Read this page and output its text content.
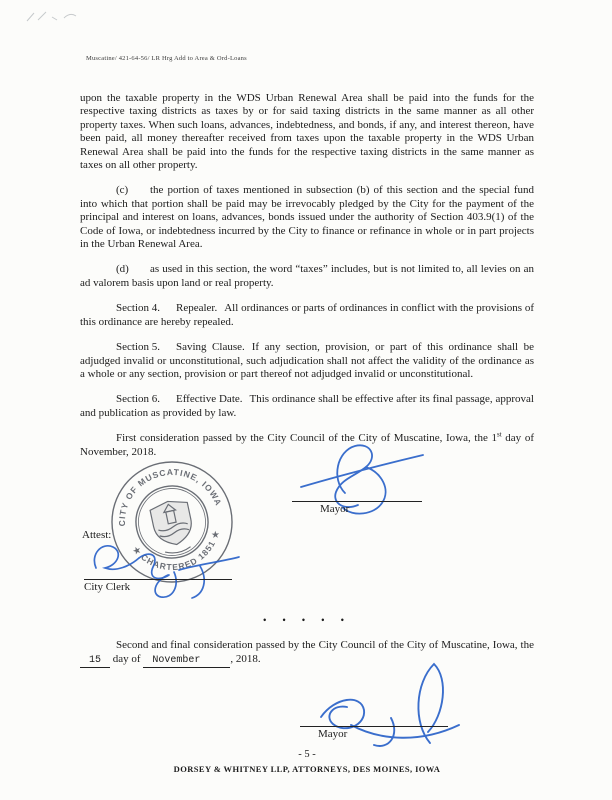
Muscatine/ 421-64-56/ LR Hrg Add to Area & Ord-Loans

upon the taxable property in the WDS Urban Renewal Area shall be paid into the funds for the respective taxing districts as taxes by or for said taxing districts in the same manner as all other property taxes. When such loans, advances, indebtedness, and bonds, if any, and interest thereon, have been paid, all money thereafter received from taxes upon the taxable property in the WDS Urban Renewal Area shall be paid into the funds for the respective taxing districts in the same manner as taxes on all other property.

(c) the portion of taxes mentioned in subsection (b) of this section and the special fund into which that portion shall be paid may be irrevocably pledged by the City for the payment of the principal and interest on loans, advances, bonds issued under the authority of Section 403.9(1) of the Code of Iowa, or indebtedness incurred by the City to finance or refinance in whole or in part projects in the Urban Renewal Area.

(d) as used in this section, the word “taxes” includes, but is not limited to, all levies on an ad valorem basis upon land or real property.

Section 4. Repealer. All ordinances or parts of ordinances in conflict with the provisions of this ordinance are hereby repealed.

Section 5. Saving Clause. If any section, provision, or part of this ordinance shall be adjudged invalid or unconstitutional, such adjudication shall not affect the validity of the ordinance as a whole or any section, provision or part thereof not adjudged invalid or unconstitutional.

Section 6. Effective Date. This ordinance shall be effective after its final passage, approval and publication as provided by law.

First consideration passed by the City Council of the City of Muscatine, Iowa, the 1st day of November, 2018.

CITY OF MUSCATINE, IOWA
★ CHARTERED 1851 ★
Mayor
Attest:
City Clerk

• • • • •

Second and final consideration passed by the City Council of the City of Muscatine, Iowa, the 15 day of November	, 2018.

Mayor

- 5 -

DORSEY & WHITNEY LLP, ATTORNEYS, DES MOINES, IOWA
